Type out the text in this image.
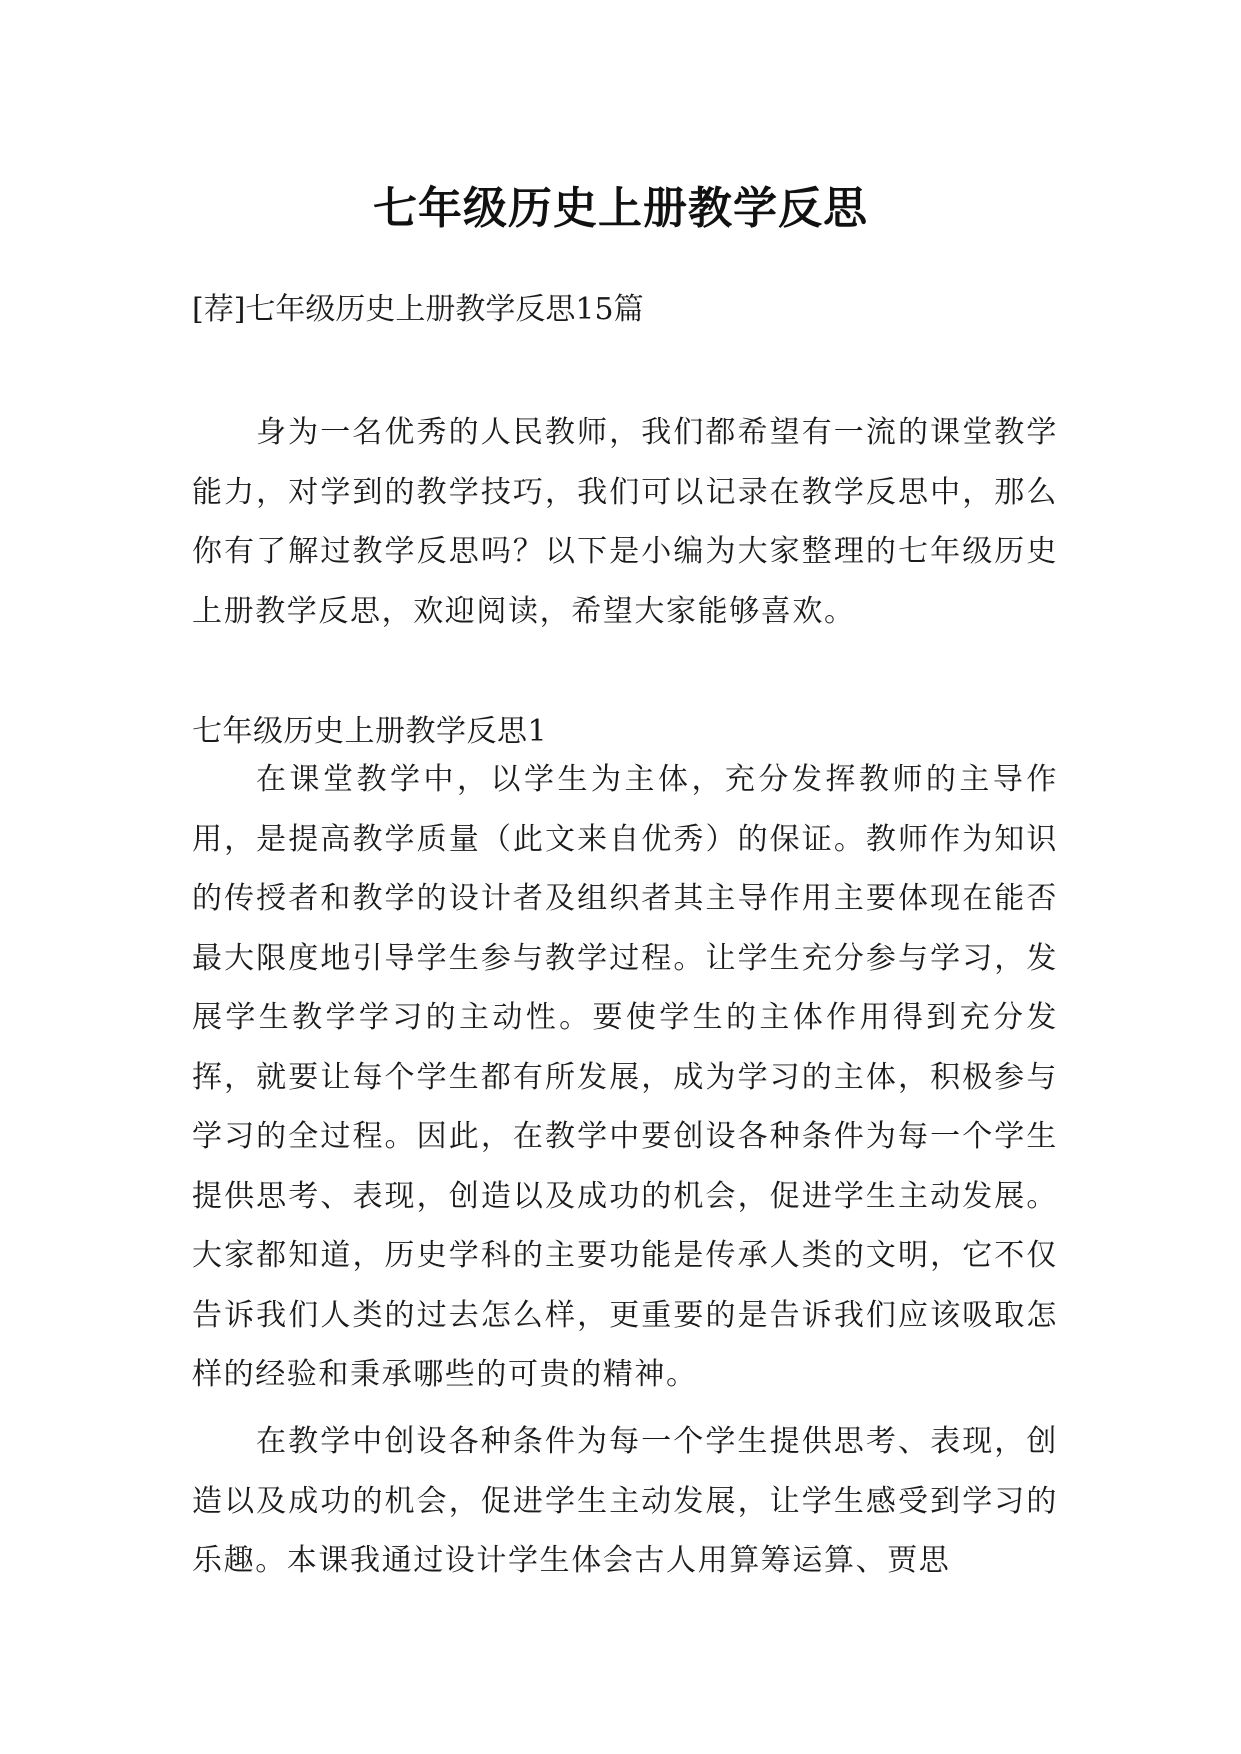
七年级历史上册教学反思
[荐]七年级历史上册教学反思15篇

身为一名优秀的人民教师，我们都希望有一流的课堂教学能力，对学到的教学技巧，我们可以记录在教学反思中，那么你有了解过教学反思吗？以下是小编为大家整理的七年级历史上册教学反思，欢迎阅读，希望大家能够喜欢。

七年级历史上册教学反思1

在课堂教学中，以学生为主体，充分发挥教师的主导作用，是提高教学质量（此文来自优秀）的保证。教师作为知识的传授者和教学的设计者及组织者其主导作用主要体现在能否最大限度地引导学生参与教学过程。让学生充分参与学习，发展学生教学学习的主动性。要使学生的主体作用得到充分发挥，就要让每个学生都有所发展，成为学习的主体，积极参与学习的全过程。因此，在教学中要创设各种条件为每一个学生提供思考、表现，创造以及成功的机会，促进学生主动发展。大家都知道，历史学科的主要功能是传承人类的文明，它不仅告诉我们人类的过去怎么样，更重要的是告诉我们应该吸取怎样的经验和秉承哪些的可贵的精神。

在教学中创设各种条件为每一个学生提供思考、表现，创造以及成功的机会，促进学生主动发展，让学生感受到学习的乐趣。本课我通过设计学生体会古人用算筹运算、贾思
